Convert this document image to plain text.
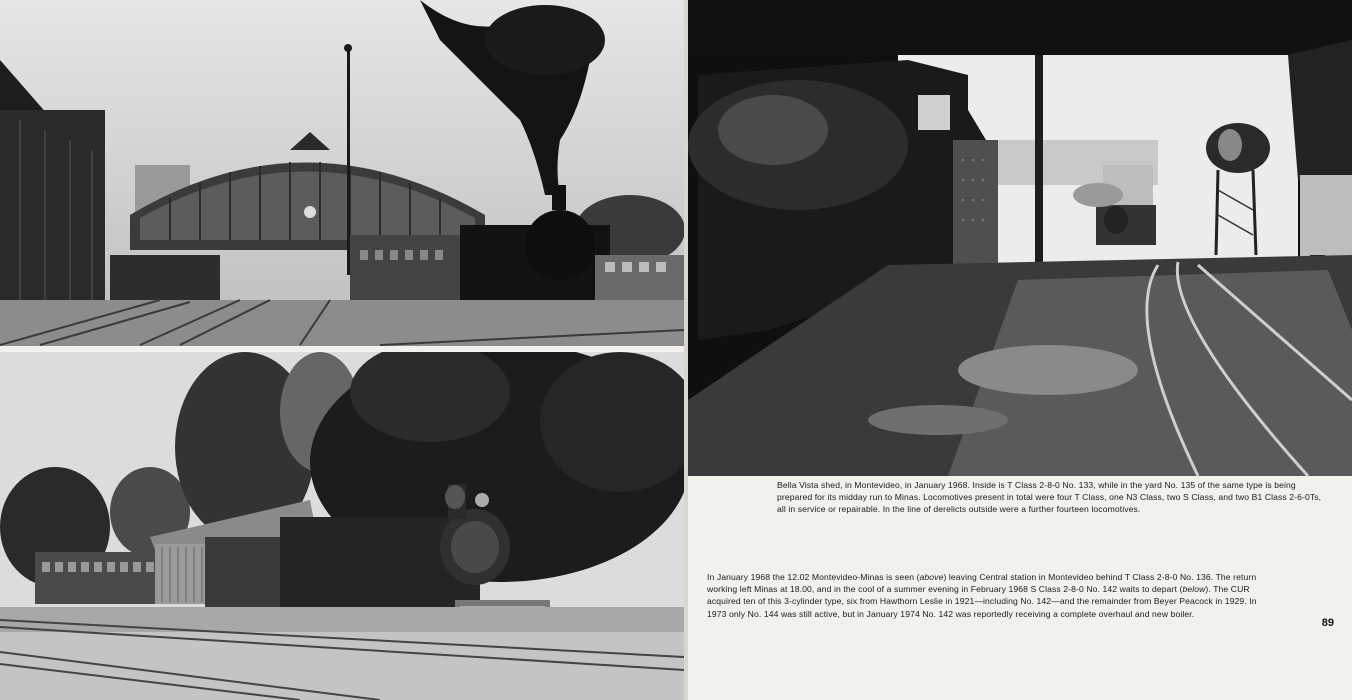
Bella Vista shed, in Montevideo, in January 1968. Inside is T Class 2-8-0 No. 133, while in the yard No. 135 of the same type is being prepared for its midday run to Minas. Locomotives present in total were four T Class, one N3 Class, two S Class, and two B1 Class 2-6-0Ts, all in service or repairable. In the line of derelicts outside were a further fourteen locomotives.
In January 1968 the 12.02 Montevideo-Minas is seen (above) leaving Central station in Montevideo behind T Class 2-8-0 No. 136. The return working left Minas at 18.00, and in the cool of a summer evening in February 1968 S Class 2-8-0 No. 142 waits to depart (below). The CUR acquired ten of this 3-cylinder type, six from Hawthorn Leslie in 1921—including No. 142—and the remainder from Beyer Peacock in 1929. In 1973 only No. 144 was still active, but in January 1974 No. 142 was reportedly receiving a complete overhaul and new boiler.
89
